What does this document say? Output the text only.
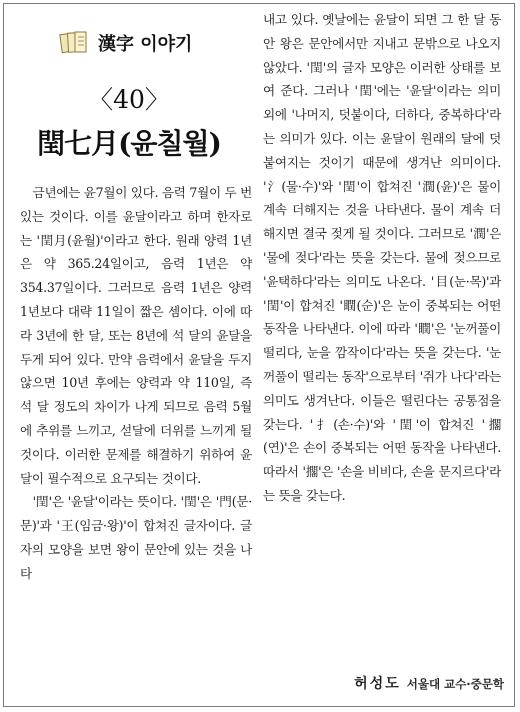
漢字 이야기
〈40〉
閏七月(윤칠월)

금년에는 윤7월이 있다. 음력 7월이 두 번 있는 것이다. 이를 윤달이라고 하며 한자로는 '閏月(윤월)'이라고 한다. 원래 양력 1년은 약 365.24일이고, 음력 1년은 약 354.37일이다. 그러므로 음력 1년은 양력 1년보다 대략 11일이 짧은 셈이다. 이에 따라 3년에 한 달, 또는 8년에 석 달의 윤달을 두게 되어 있다. 만약 음력에서 윤달을 두지 않으면 10년 후에는 양력과 약 110일, 즉 석 달 정도의 차이가 나게 되므로 음력 5월에 추위를 느끼고, 섣달에 더위를 느끼게 될 것이다. 이러한 문제를 해결하기 위하여 윤달이 필수적으로 요구되는 것이다.

'閏'은 '윤달'이라는 뜻이다. '閏'은 '門(문·문)'과 '王(임금·왕)'이 합쳐진 글자이다. 글자의 모양을 보면 왕이 문안에 있는 것을 나타

내고 있다. 옛날에는 윤달이 되면 그 한 달 동안 왕은 문안에서만 지내고 문밖으로 나오지 않았다. '閏'의 글자 모양은 이러한 상태를 보여 준다. 그러나 '閏'에는 '윤달'이라는 의미 외에 '나머지, 덧붙이다, 더하다, 중복하다'라는 의미가 있다. 이는 윤달이 원래의 달에 덧붙여지는 것이기 때문에 생겨난 의미이다. '氵(물·수)'와 '閏'이 합쳐진 '潤(윤)'은 물이 계속 더해지는 것을 나타낸다. 물이 계속 더해지면 결국 젖게 될 것이다. 그러므로 '潤'은 '물에 젖다'라는 뜻을 갖는다. 물에 젖으므로 '윤택하다'라는 의미도 나온다. '目(눈·목)'과 '閏'이 합쳐진 '瞤(순)'은 눈이 중복되는 어떤 동작을 나타낸다. 이에 따라 '瞤'은 '눈꺼풀이 떨리다, 눈을 깜작이다'라는 뜻을 갖는다. '눈꺼풀이 떨리는 동작'으로부터 '쥐가 나다'라는 의미도 생겨난다. 이들은 떨린다는 공통점을 갖는다. '扌(손·수)'와 '閏'이 합쳐진 '擱(연)'은 손이 중복되는 어떤 동작을 나타낸다. 따라서 '擱'은 '손을 비비다, 손을 문지르다'라는 뜻을 갖는다.

허성도 서울대 교수·중문학
